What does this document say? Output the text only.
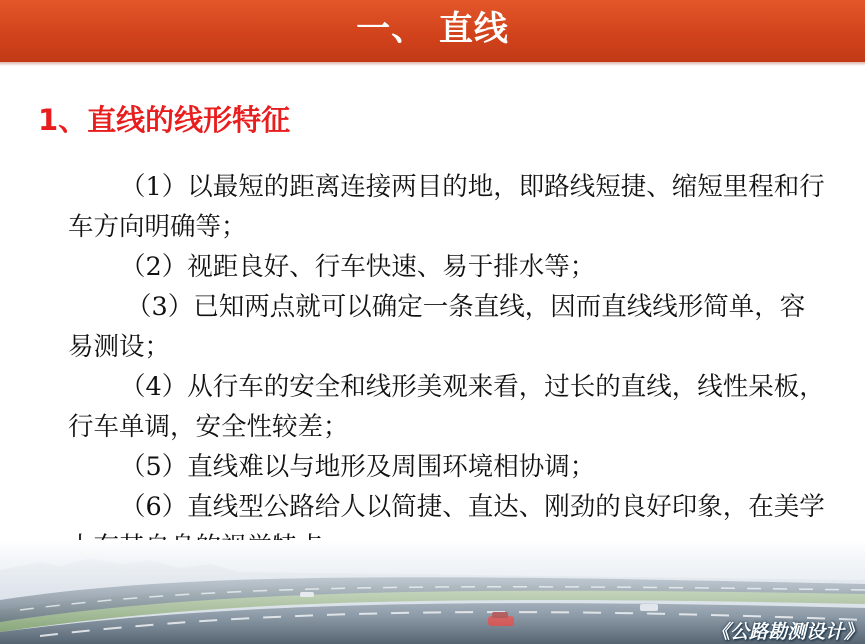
一、 直线
1、直线的线形特征

（1）以最短的距离连接两目的地，即路线短捷、缩短里程和行车方向明确等；

（2）视距良好、行车快速、易于排水等；

（3）已知两点就可以确定一条直线，因而直线线形简单，容易测设；

（4）从行车的安全和线形美观来看，过长的直线，线性呆板，行车单调，安全性较差；

（5）直线难以与地形及周围环境相协调；

（6）直线型公路给人以简捷、直达、刚劲的良好印象，在美学

《公路勘测设计》
